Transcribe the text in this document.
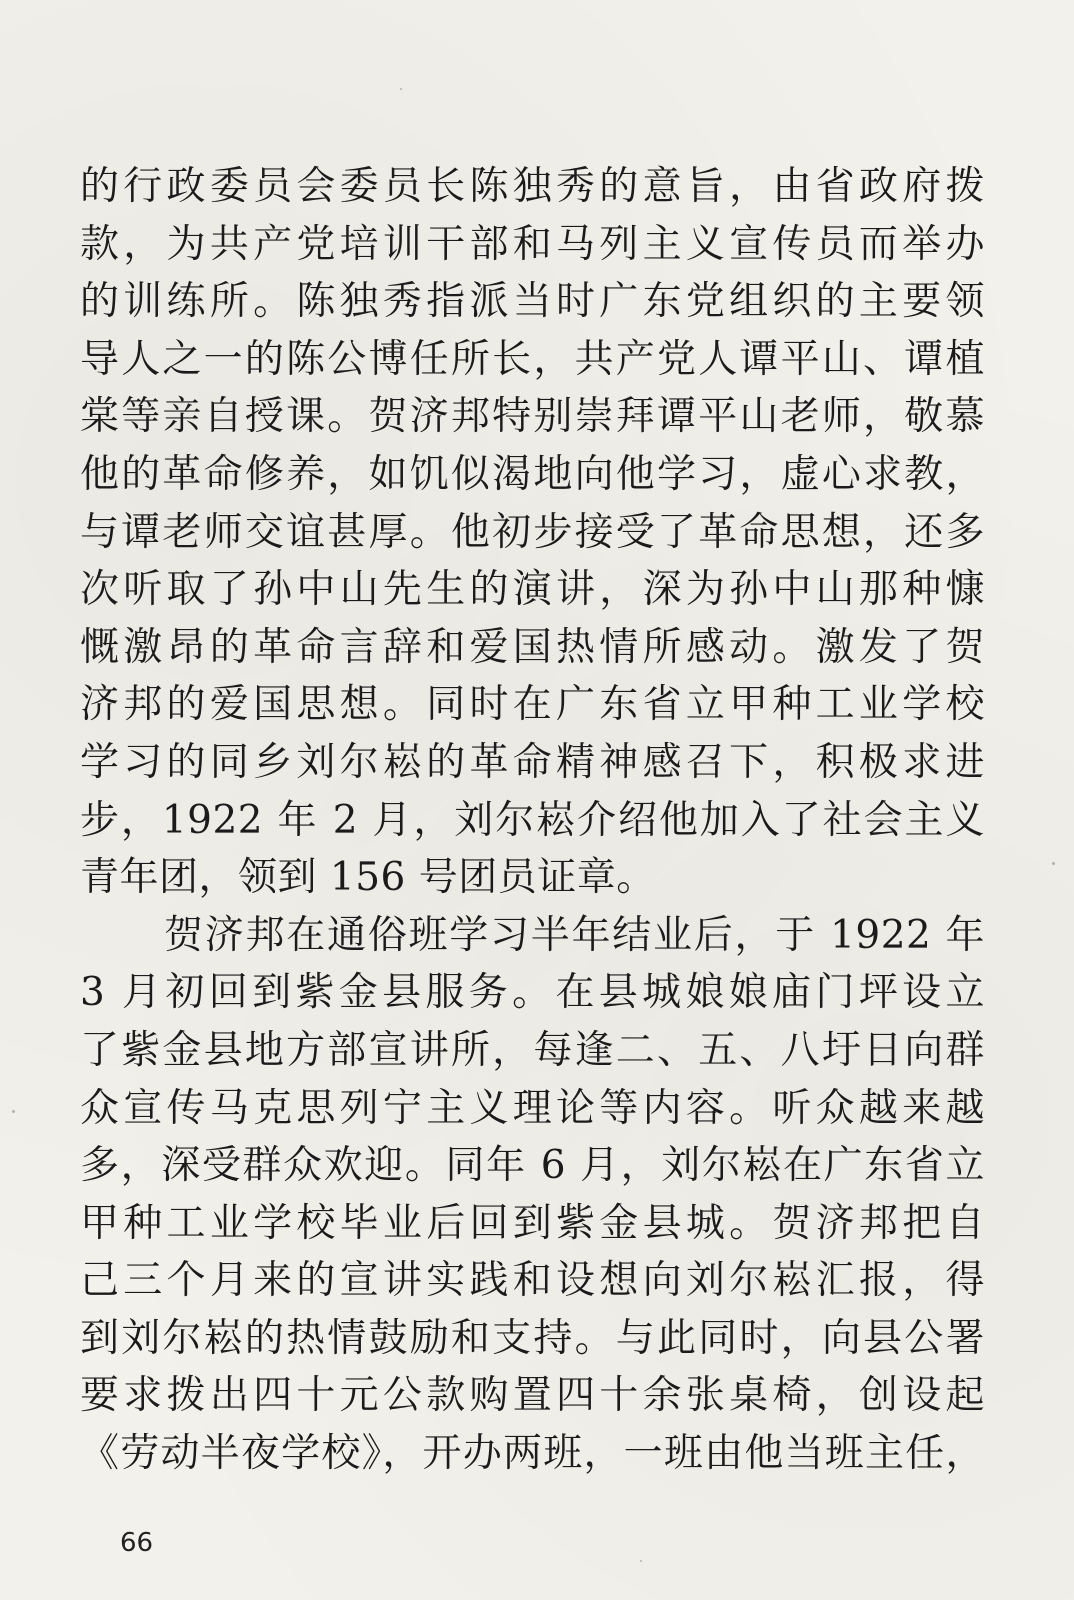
的行政委员会委员长陈独秀的意旨，由省政府拨
款，为共产党培训干部和马列主义宣传员而举办
的训练所。陈独秀指派当时广东党组织的主要领
导人之一的陈公博任所长，共产党人谭平山、谭植
棠等亲自授课。贺济邦特别崇拜谭平山老师，敬慕
他的革命修养，如饥似渴地向他学习，虚心求教，
与谭老师交谊甚厚。他初步接受了革命思想，还多
次听取了孙中山先生的演讲，深为孙中山那种慷
慨激昂的革命言辞和爱国热情所感动。激发了贺
济邦的爱国思想。同时在广东省立甲种工业学校
学习的同乡刘尔崧的革命精神感召下，积极求进
步，1922 年 2 月，刘尔崧介绍他加入了社会主义
青年团，领到 156 号团员证章。
贺济邦在通俗班学习半年结业后，于 1922 年
3 月初回到紫金县服务。在县城娘娘庙门坪设立
了紫金县地方部宣讲所，每逢二、五、八圩日向群
众宣传马克思列宁主义理论等内容。听众越来越
多，深受群众欢迎。同年 6 月，刘尔崧在广东省立
甲种工业学校毕业后回到紫金县城。贺济邦把自
己三个月来的宣讲实践和设想向刘尔崧汇报，得
到刘尔崧的热情鼓励和支持。与此同时，向县公署
要求拨出四十元公款购置四十余张桌椅，创设起
《劳动半夜学校》，开办两班，一班由他当班主任，
66
